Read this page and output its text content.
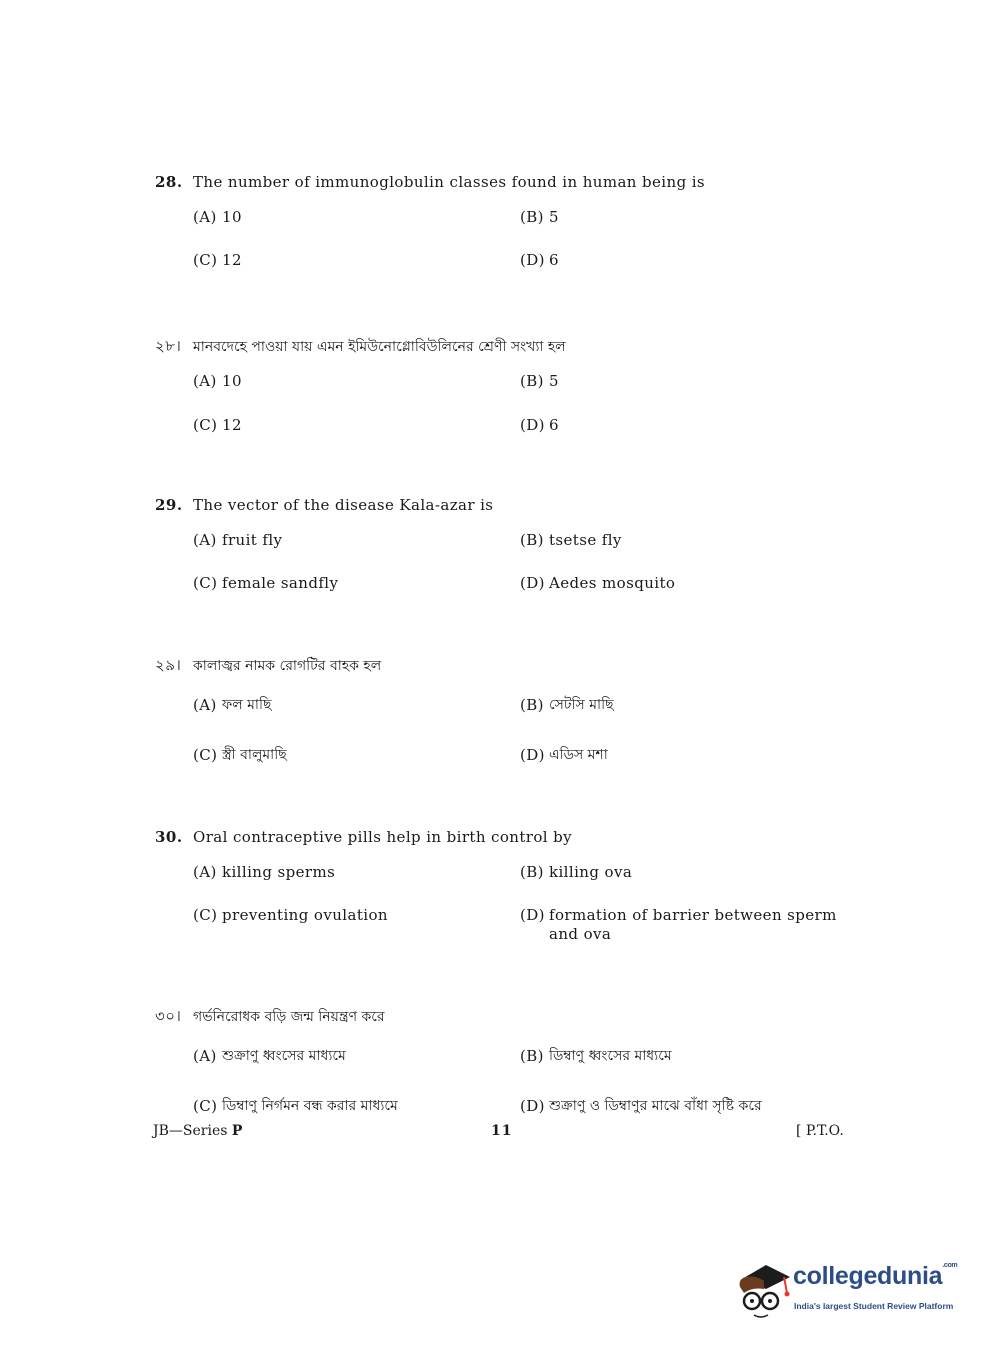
28. The number of immunoglobulin classes found in human being is
(A) 10	(B) 5
(C) 12	(D) 6
২৮। মানবদেহে পাওয়া যায় এমন ইমিউনোগ্লোবিউলিনের শ্রেণী সংখ্যা হল
(A) 10	(B) 5
(C) 12	(D) 6
29. The vector of the disease Kala-azar is
(A) fruit fly	(B) tsetse fly
(C) female sandfly	(D) Aedes mosquito
২৯। কালাজ্বর নামক রোগটির বাহক হল
(A) ফল মাছি	(B) সেটসি মাছি
(C) স্ত্রী বালুমাছি	(D) এডিস মশা
30. Oral contraceptive pills help in birth control by
(A) killing sperms	(B) killing ova
(C) preventing ovulation	(D) formation of barrier between sperm and ova
৩০। গর্ভনিরোধক বড়ি জন্ম নিয়ন্ত্রণ করে
(A) শুক্রাণু ধ্বংসের মাধ্যমে	(B) ডিম্বাণু ধ্বংসের মাধ্যমে
(C) ডিম্বাণু নির্গমন বন্ধ করার মাধ্যমে	(D) শুক্রাণু ও ডিম্বাণুর মাঝে বাঁধা সৃষ্টি করে
JB—Series P	11	[ P.T.O.
collegedunia$^{.com}$
India's largest Student Review Platform
